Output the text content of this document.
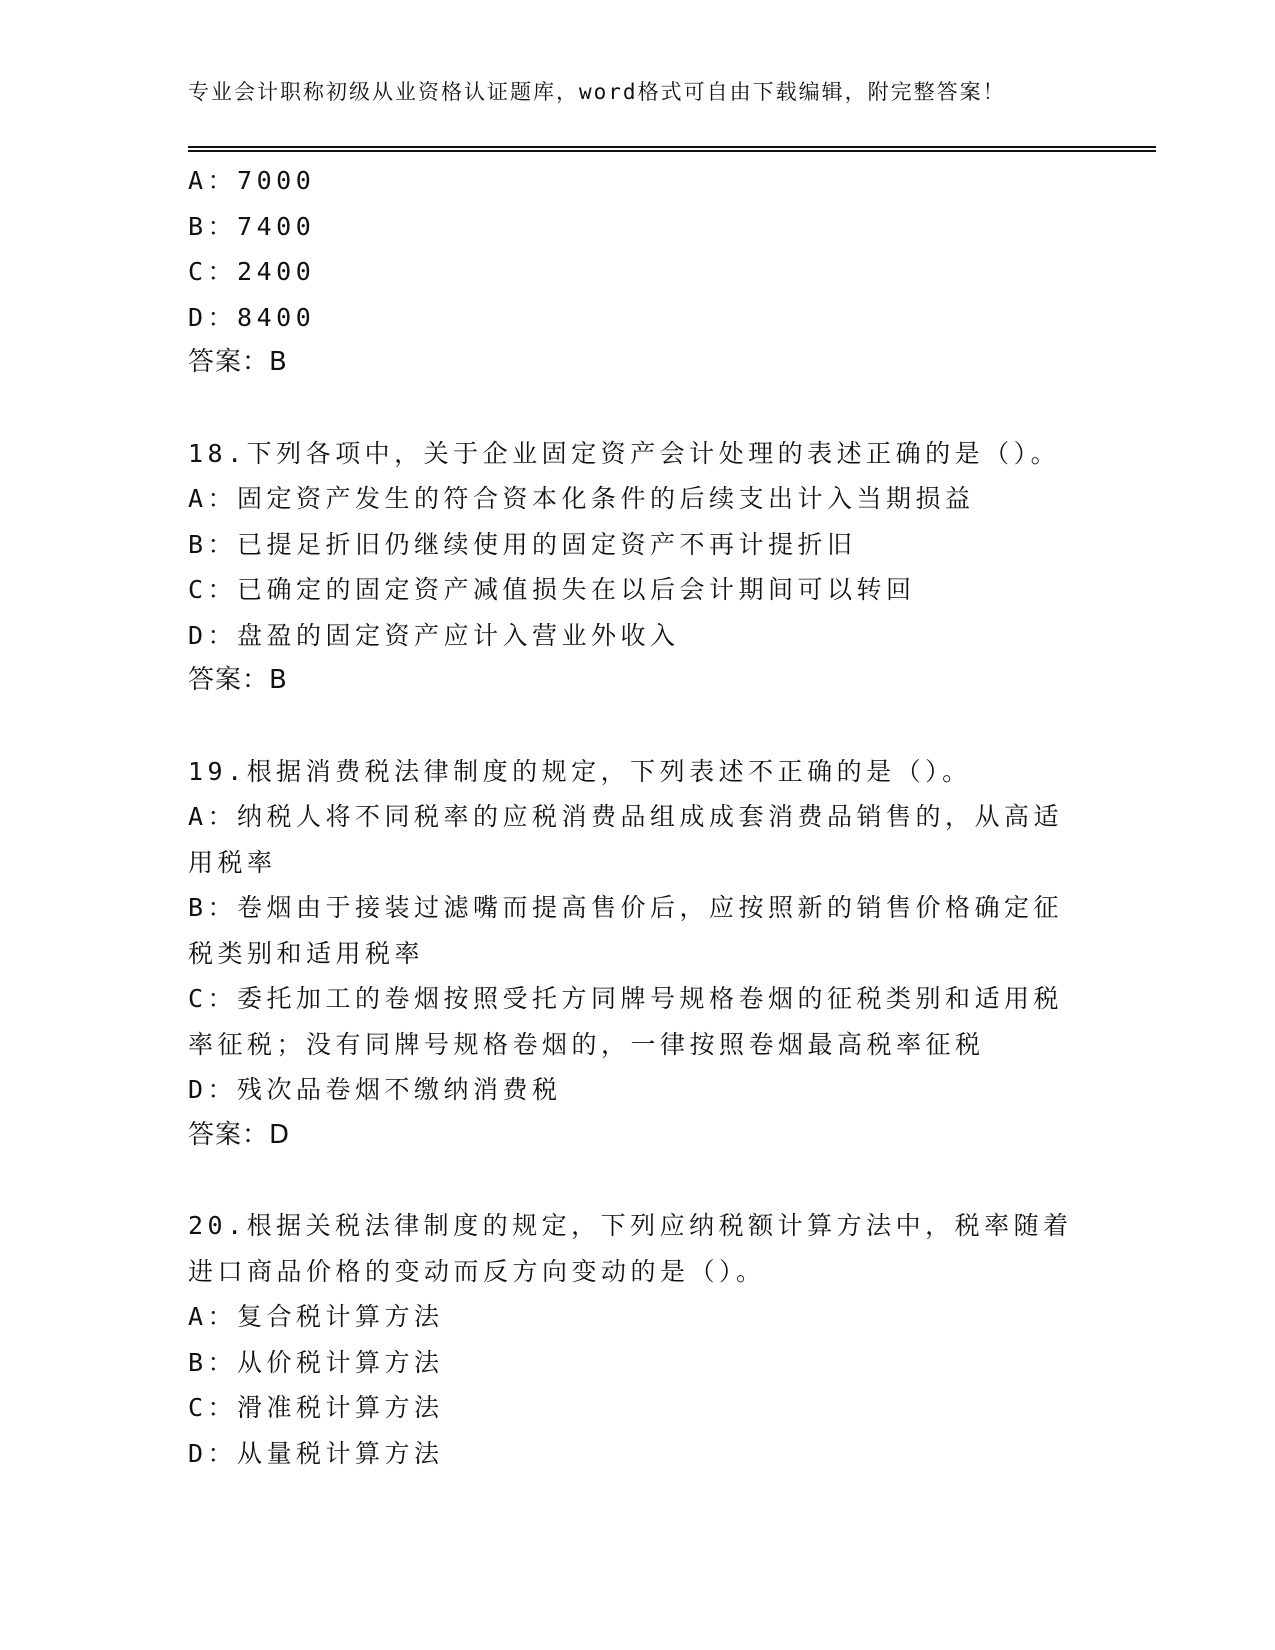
专业会计职称初级从业资格认证题库，word格式可自由下载编辑，附完整答案！
A：7000
B：7400
C：2400
D：8400
答案：B
18.下列各项中，关于企业固定资产会计处理的表述正确的是（）。
A：固定资产发生的符合资本化条件的后续支出计入当期损益
B：已提足折旧仍继续使用的固定资产不再计提折旧
C：已确定的固定资产减值损失在以后会计期间可以转回
D：盘盈的固定资产应计入营业外收入
答案：B
19.根据消费税法律制度的规定，下列表述不正确的是（）。
A：纳税人将不同税率的应税消费品组成成套消费品销售的，从高适用税率
B：卷烟由于接装过滤嘴而提高售价后，应按照新的销售价格确定征税类别和适用税率
C：委托加工的卷烟按照受托方同牌号规格卷烟的征税类别和适用税率征税；没有同牌号规格卷烟的，一律按照卷烟最高税率征税
D：残次品卷烟不缴纳消费税
答案：D
20.根据关税法律制度的规定，下列应纳税额计算方法中，税率随着进口商品价格的变动而反方向变动的是（）。
A：复合税计算方法
B：从价税计算方法
C：滑准税计算方法
D：从量税计算方法
